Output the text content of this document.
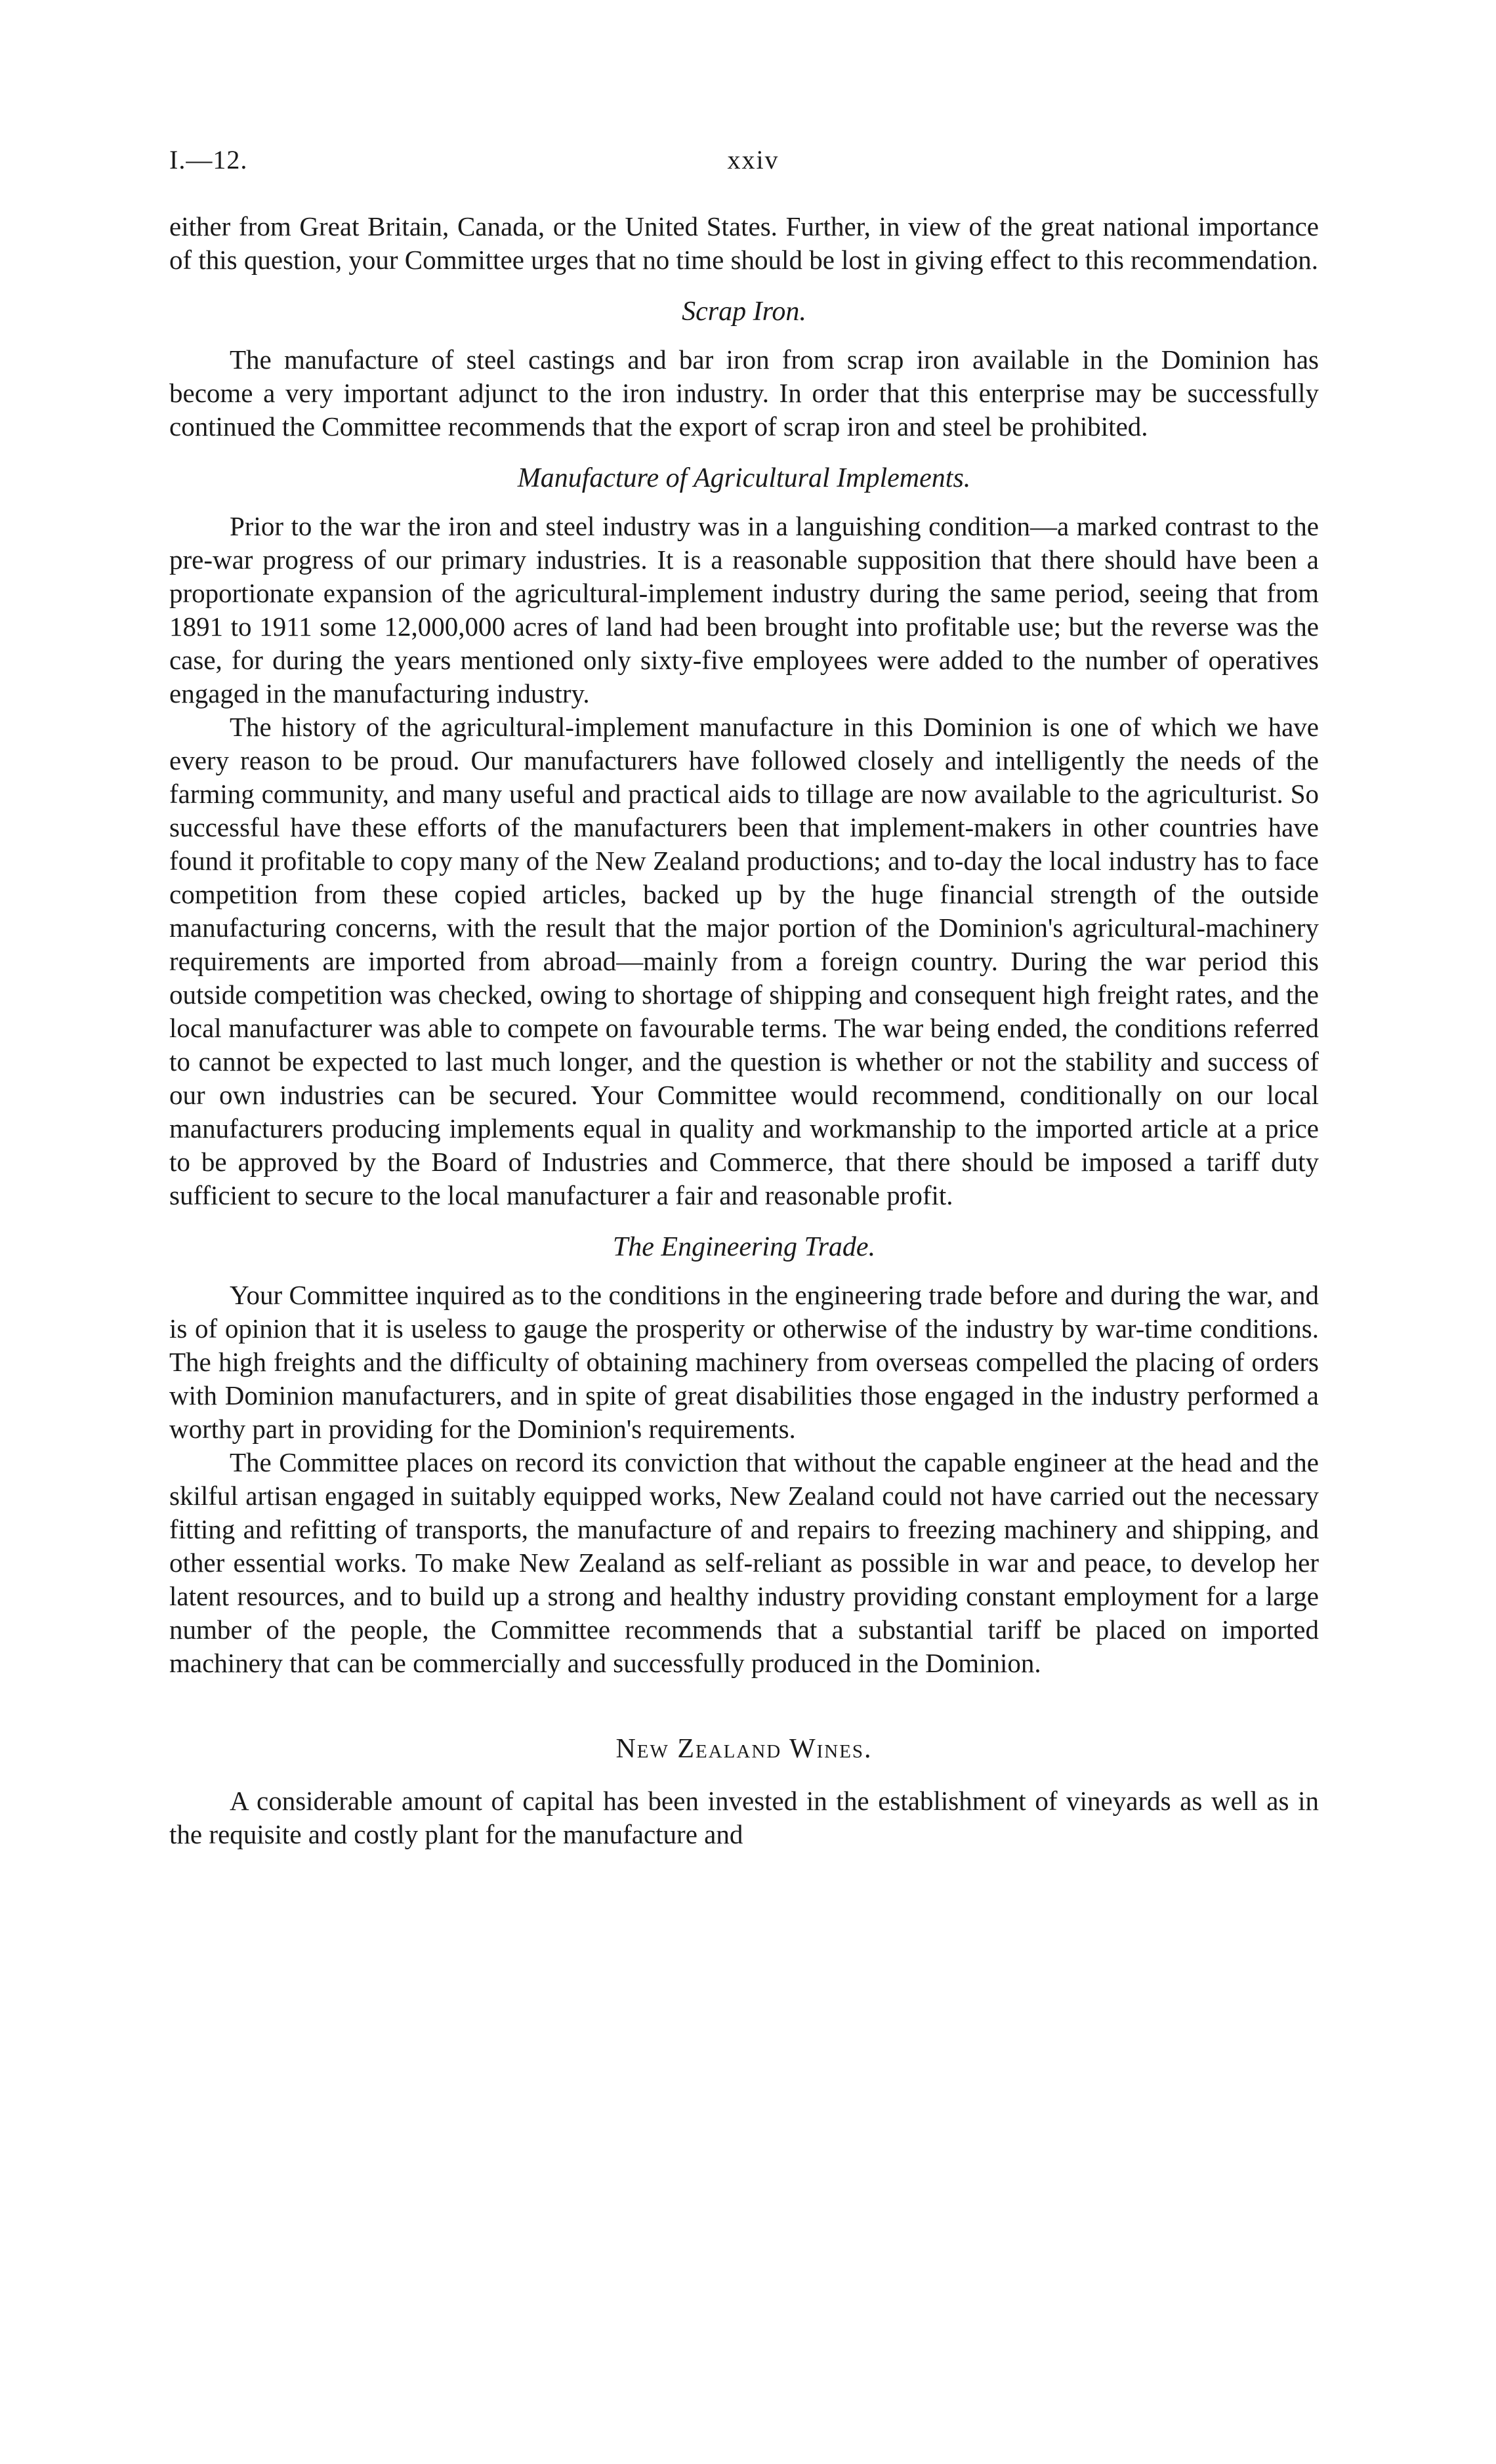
I.—12.	xxiv

either from Great Britain, Canada, or the United States. Further, in view of the great national importance of this question, your Committee urges that no time should be lost in giving effect to this recommendation.

Scrap Iron.

The manufacture of steel castings and bar iron from scrap iron available in the Dominion has become a very important adjunct to the iron industry. In order that this enterprise may be successfully continued the Committee recommends that the export of scrap iron and steel be prohibited.

Manufacture of Agricultural Implements.

Prior to the war the iron and steel industry was in a languishing condition—a marked contrast to the pre-war progress of our primary industries. It is a reasonable supposition that there should have been a proportionate expansion of the agricultural-implement industry during the same period, seeing that from 1891 to 1911 some 12,000,000 acres of land had been brought into profitable use; but the reverse was the case, for during the years mentioned only sixty-five employees were added to the number of operatives engaged in the manufacturing industry.

The history of the agricultural-implement manufacture in this Dominion is one of which we have every reason to be proud. Our manufacturers have followed closely and intelligently the needs of the farming community, and many useful and practical aids to tillage are now available to the agriculturist. So successful have these efforts of the manufacturers been that implement-makers in other countries have found it profitable to copy many of the New Zealand productions; and to-day the local industry has to face competition from these copied articles, backed up by the huge financial strength of the outside manufacturing concerns, with the result that the major portion of the Dominion's agricultural-machinery requirements are imported from abroad—mainly from a foreign country. During the war period this outside competition was checked, owing to shortage of shipping and consequent high freight rates, and the local manufacturer was able to compete on favourable terms. The war being ended, the conditions referred to cannot be expected to last much longer, and the question is whether or not the stability and success of our own industries can be secured. Your Committee would recommend, conditionally on our local manufacturers producing implements equal in quality and workmanship to the imported article at a price to be approved by the Board of Industries and Commerce, that there should be imposed a tariff duty sufficient to secure to the local manufacturer a fair and reasonable profit.

The Engineering Trade.

Your Committee inquired as to the conditions in the engineering trade before and during the war, and is of opinion that it is useless to gauge the prosperity or otherwise of the industry by war-time conditions. The high freights and the difficulty of obtaining machinery from overseas compelled the placing of orders with Dominion manufacturers, and in spite of great disabilities those engaged in the industry performed a worthy part in providing for the Dominion's requirements.

The Committee places on record its conviction that without the capable engineer at the head and the skilful artisan engaged in suitably equipped works, New Zealand could not have carried out the necessary fitting and refitting of transports, the manufacture of and repairs to freezing machinery and shipping, and other essential works. To make New Zealand as self-reliant as possible in war and peace, to develop her latent resources, and to build up a strong and healthy industry providing constant employment for a large number of the people, the Committee recommends that a substantial tariff be placed on imported machinery that can be commercially and successfully produced in the Dominion.

New Zealand Wines.

A considerable amount of capital has been invested in the establishment of vineyards as well as in the requisite and costly plant for the manufacture and
